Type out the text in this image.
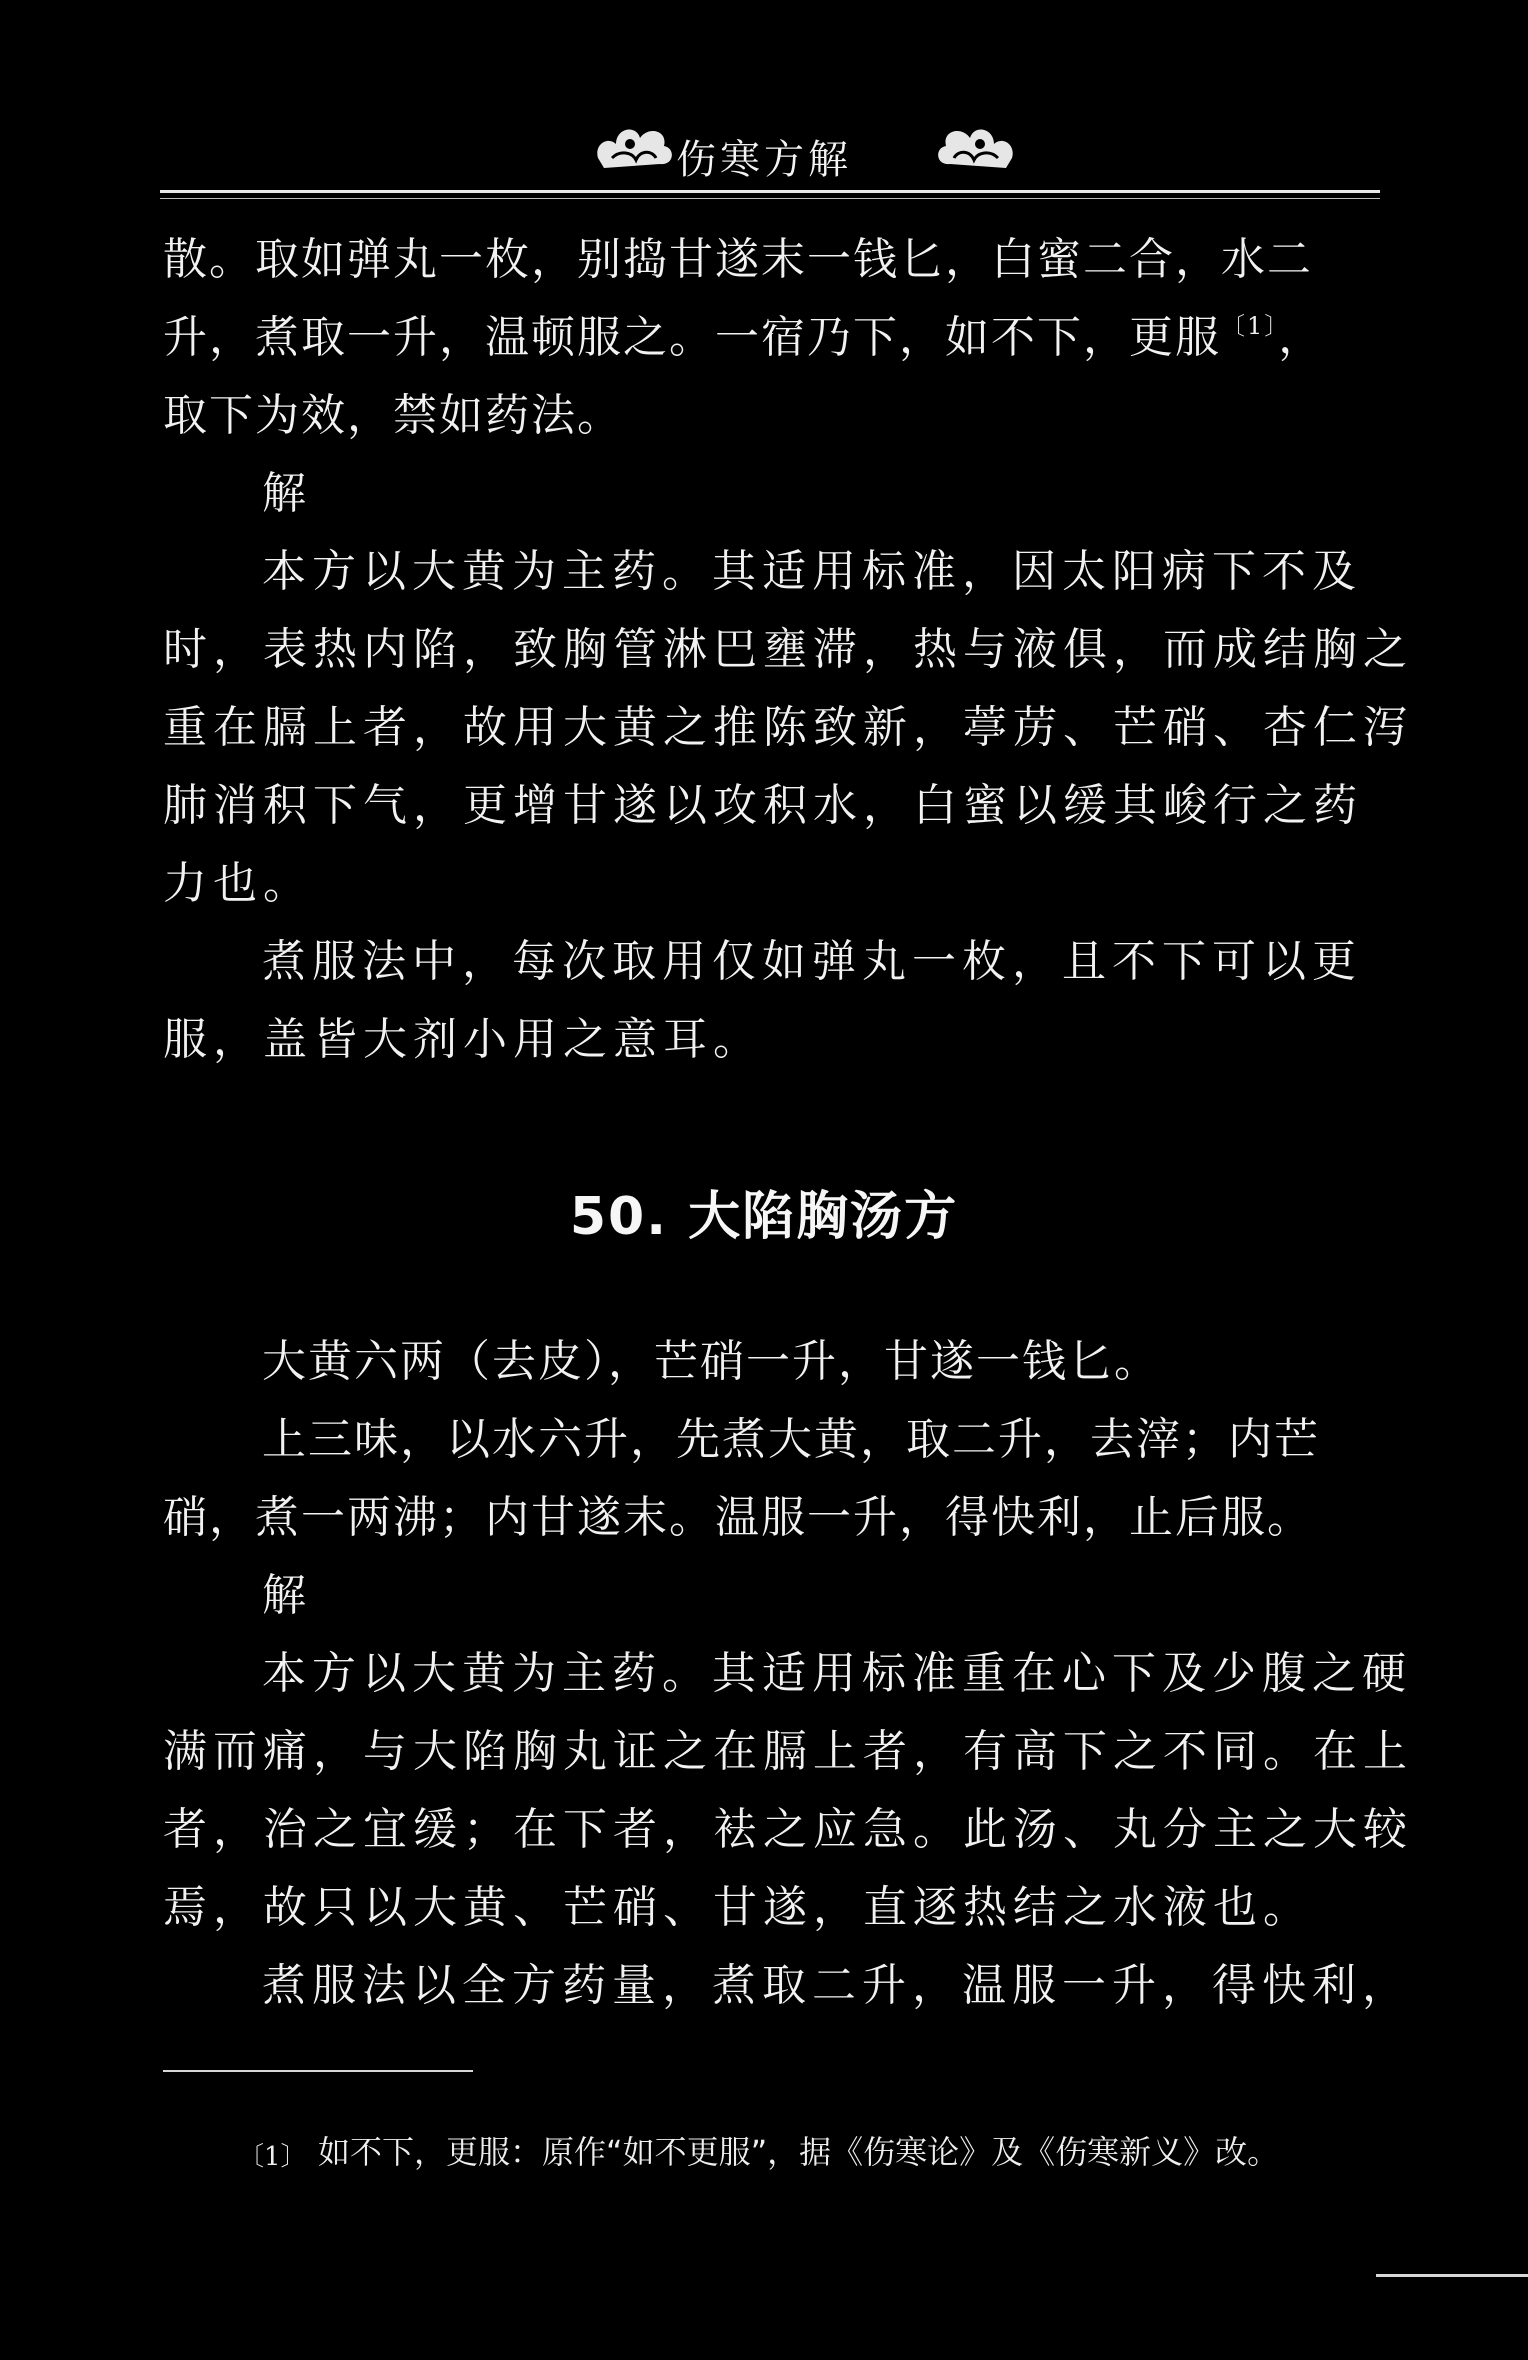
伤寒方解
散。取如弹丸一枚，别捣甘遂末一钱匕，白蜜二合，水二
升，煮取一升，温顿服之。一宿乃下，如不下，更服$^{〔1〕}$，
取下为效，禁如药法。
解
本方以大黄为主药。其适用标准，因太阳病下不及
时，表热内陷，致胸管淋巴壅滞，热与液俱，而成结胸之
重在膈上者，故用大黄之推陈致新，葶苈、芒硝、杏仁泻
肺消积下气，更增甘遂以攻积水，白蜜以缓其峻行之药
力也。
煮服法中，每次取用仅如弹丸一枚，且不下可以更
服，盖皆大剂小用之意耳。
50. 大陷胸汤方
大黄六两（去皮），芒硝一升，甘遂一钱匕。
上三味，以水六升，先煮大黄，取二升，去滓；内芒
硝，煮一两沸；内甘遂末。温服一升，得快利，止后服。
解
本方以大黄为主药。其适用标准重在心下及少腹之硬
满而痛，与大陷胸丸证之在膈上者，有高下之不同。在上
者，治之宜缓；在下者，袪之应急。此汤、丸分主之大较
焉，故只以大黄、芒硝、甘遂，直逐热结之水液也。
煮服法以全方药量，煮取二升，温服一升，得快利，
〔1〕 如不下，更服：原作“如不更服”，据《伤寒论》及《伤寒新义》改。
